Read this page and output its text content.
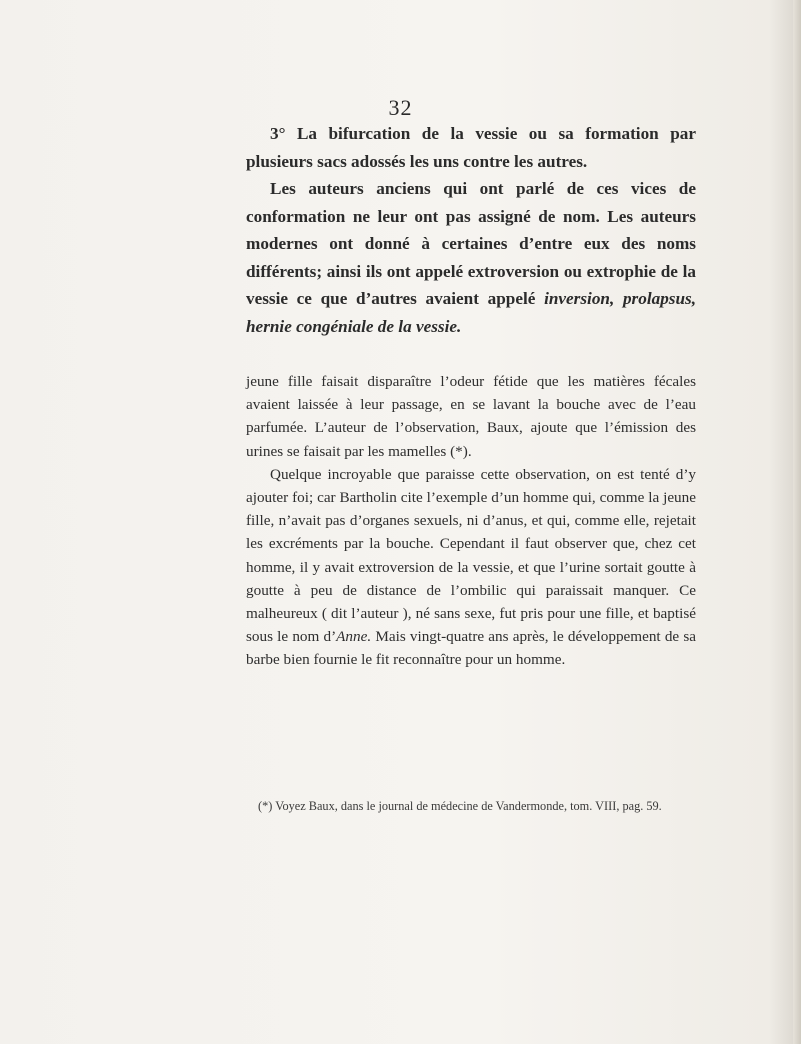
32

3° La bifurcation de la vessie ou sa formation par plusieurs sacs adossés les uns contre les autres.

Les auteurs anciens qui ont parlé de ces vices de conformation ne leur ont pas assigné de nom. Les auteurs modernes ont donné à certaines d’entre eux des noms différents; ainsi ils ont appelé extroversion ou extrophie de la vessie ce que d’autres avaient appelé inversion, prolapsus, hernie congéniale de la vessie.

jeune fille faisait disparaître l’odeur fétide que les matières fécales avaient laissée à leur passage, en se lavant la bouche avec de l’eau parfumée. L’auteur de l’observation, Baux, ajoute que l’émission des urines se faisait par les mamelles (*).

Quelque incroyable que paraisse cette observation, on est tenté d’y ajouter foi; car Bartholin cite l’exemple d’un homme qui, comme la jeune fille, n’avait pas d’organes sexuels, ni d’anus, et qui, comme elle, rejetait les excréments par la bouche. Cependant il faut observer que, chez cet homme, il y avait extroversion de la vessie, et que l’urine sortait goutte à goutte à peu de distance de l’ombilic qui paraissait manquer. Ce malheureux ( dit l’auteur ), né sans sexe, fut pris pour une fille, et baptisé sous le nom d’Anne. Mais vingt-quatre ans après, le développement de sa barbe bien fournie le fit reconnaître pour un homme.

(*) Voyez Baux, dans le journal de médecine de Vandermonde, tom. VIII, pag. 59.
